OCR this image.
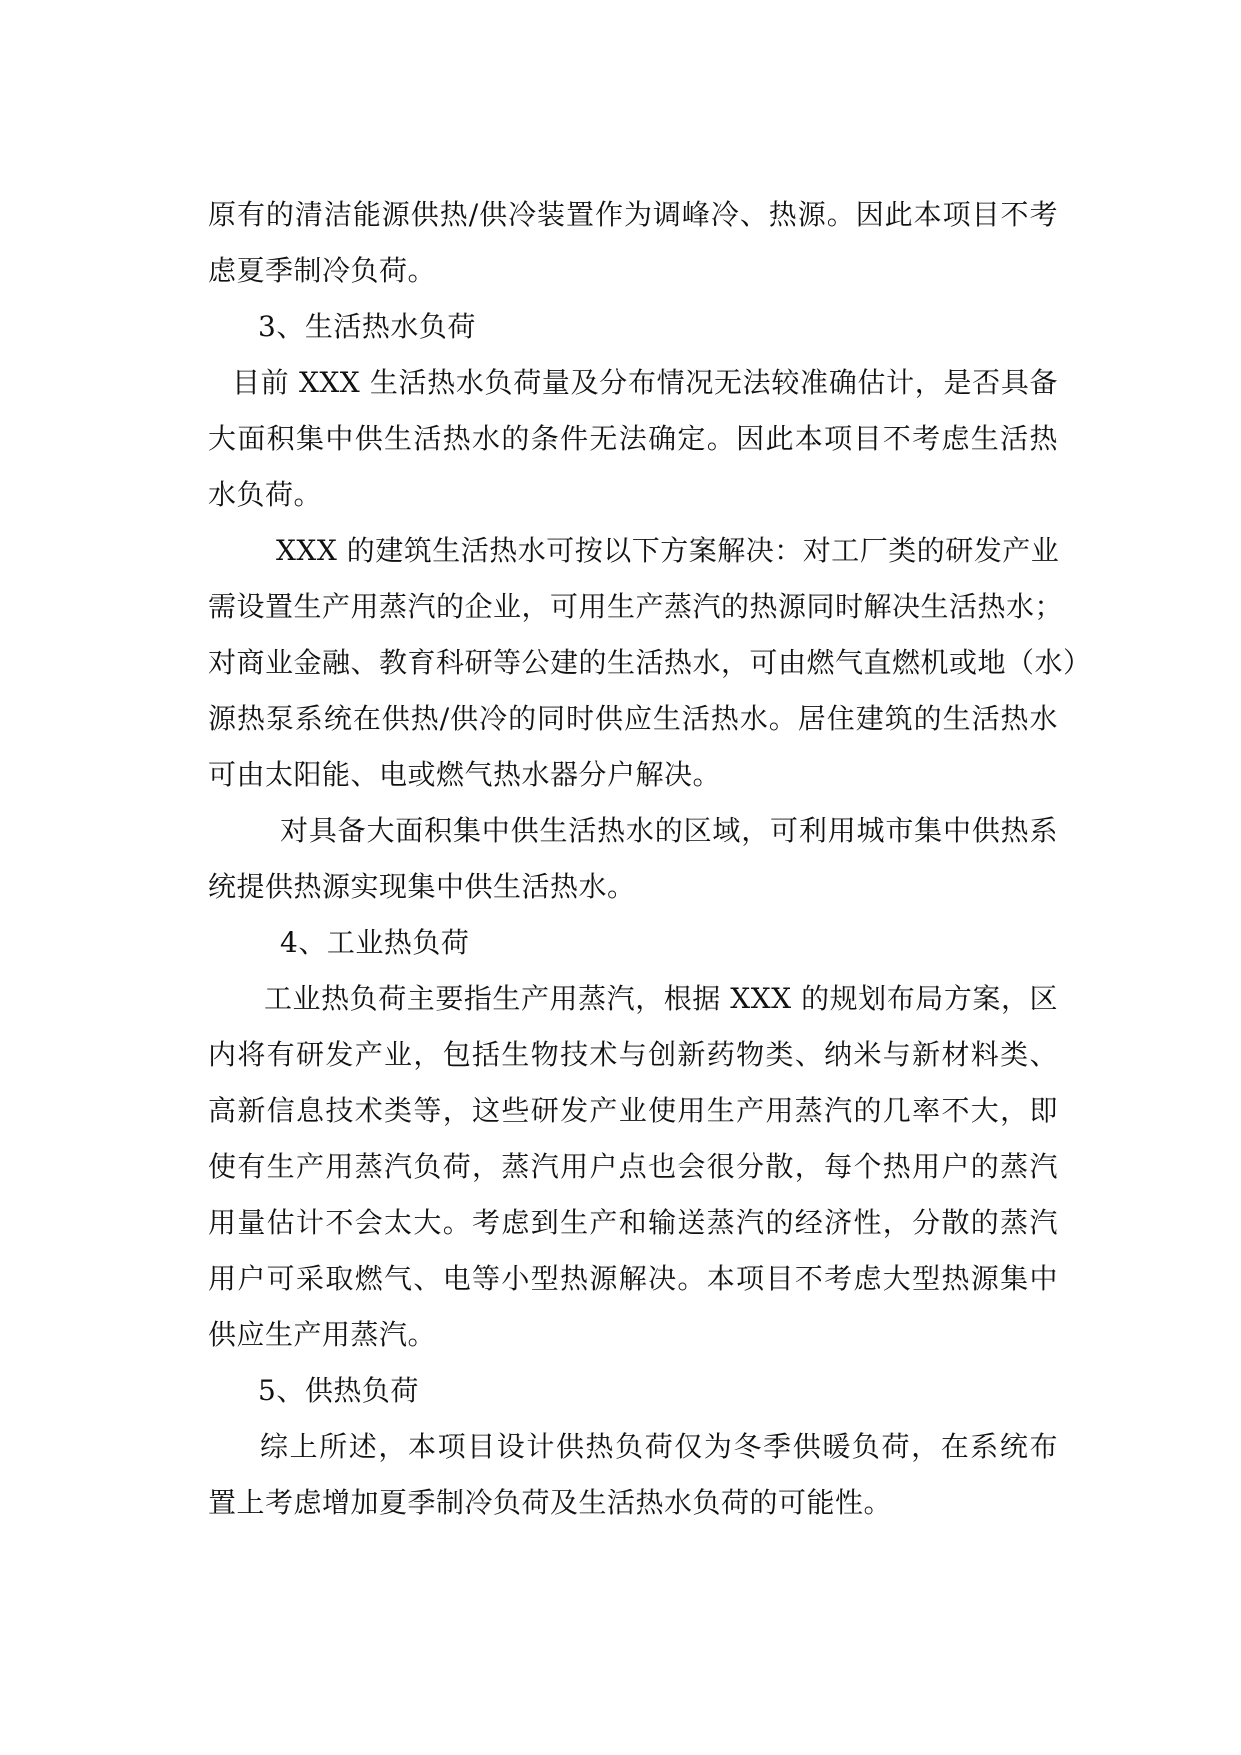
原有的清洁能源供热/供冷装置作为调峰冷、热源。因此本项目不考
虑夏季制冷负荷。
3、生活热水负荷
目前 XXX 生活热水负荷量及分布情况无法较准确估计，是否具备
大面积集中供生活热水的条件无法确定。因此本项目不考虑生活热
水负荷。
XXX 的建筑生活热水可按以下方案解决：对工厂类的研发产业
需设置生产用蒸汽的企业，可用生产蒸汽的热源同时解决生活热水；
对商业金融、教育科研等公建的生活热水，可由燃气直燃机或地（水）
源热泵系统在供热/供冷的同时供应生活热水。居住建筑的生活热水
可由太阳能、电或燃气热水器分户解决。
对具备大面积集中供生活热水的区域，可利用城市集中供热系
统提供热源实现集中供生活热水。
4、工业热负荷
工业热负荷主要指生产用蒸汽，根据 XXX 的规划布局方案，区
内将有研发产业，包括生物技术与创新药物类、纳米与新材料类、
高新信息技术类等，这些研发产业使用生产用蒸汽的几率不大，即
使有生产用蒸汽负荷，蒸汽用户点也会很分散，每个热用户的蒸汽
用量估计不会太大。考虑到生产和输送蒸汽的经济性，分散的蒸汽
用户可采取燃气、电等小型热源解决。本项目不考虑大型热源集中
供应生产用蒸汽。
5、供热负荷
综上所述，本项目设计供热负荷仅为冬季供暖负荷，在系统布
置上考虑增加夏季制冷负荷及生活热水负荷的可能性。
